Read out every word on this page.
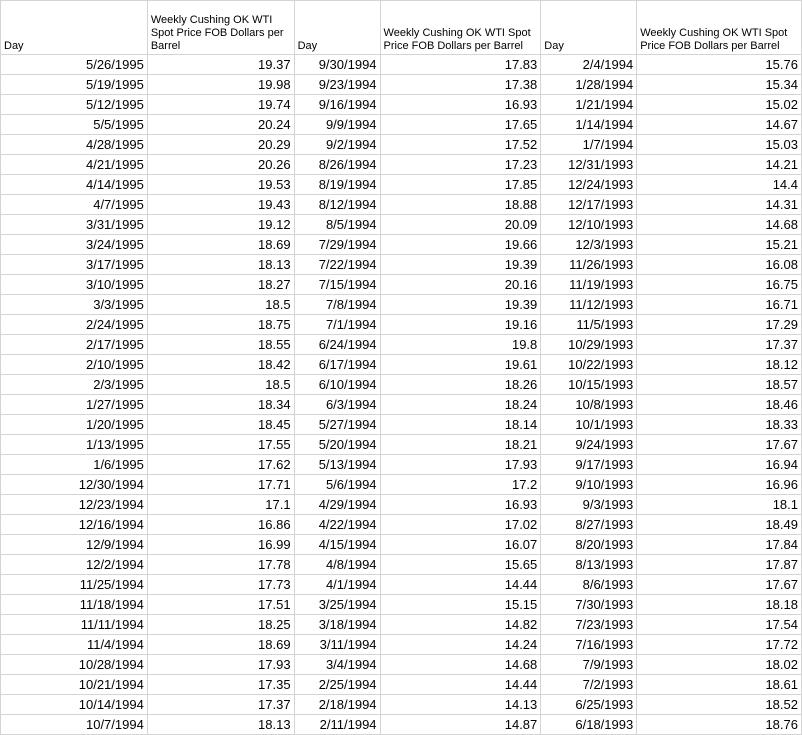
Day	Weekly Cushing OK WTI Spot Price FOB Dollars per Barrel	Day	Weekly Cushing OK WTI Spot Price FOB Dollars per Barrel	Day	Weekly Cushing OK WTI Spot Price FOB Dollars per Barrel
5/26/1995	19.37	9/30/1994	17.83	2/4/1994	15.76
5/19/1995	19.98	9/23/1994	17.38	1/28/1994	15.34
5/12/1995	19.74	9/16/1994	16.93	1/21/1994	15.02
5/5/1995	20.24	9/9/1994	17.65	1/14/1994	14.67
4/28/1995	20.29	9/2/1994	17.52	1/7/1994	15.03
4/21/1995	20.26	8/26/1994	17.23	12/31/1993	14.21
4/14/1995	19.53	8/19/1994	17.85	12/24/1993	14.4
4/7/1995	19.43	8/12/1994	18.88	12/17/1993	14.31
3/31/1995	19.12	8/5/1994	20.09	12/10/1993	14.68
3/24/1995	18.69	7/29/1994	19.66	12/3/1993	15.21
3/17/1995	18.13	7/22/1994	19.39	11/26/1993	16.08
3/10/1995	18.27	7/15/1994	20.16	11/19/1993	16.75
3/3/1995	18.5	7/8/1994	19.39	11/12/1993	16.71
2/24/1995	18.75	7/1/1994	19.16	11/5/1993	17.29
2/17/1995	18.55	6/24/1994	19.8	10/29/1993	17.37
2/10/1995	18.42	6/17/1994	19.61	10/22/1993	18.12
2/3/1995	18.5	6/10/1994	18.26	10/15/1993	18.57
1/27/1995	18.34	6/3/1994	18.24	10/8/1993	18.46
1/20/1995	18.45	5/27/1994	18.14	10/1/1993	18.33
1/13/1995	17.55	5/20/1994	18.21	9/24/1993	17.67
1/6/1995	17.62	5/13/1994	17.93	9/17/1993	16.94
12/30/1994	17.71	5/6/1994	17.2	9/10/1993	16.96
12/23/1994	17.1	4/29/1994	16.93	9/3/1993	18.1
12/16/1994	16.86	4/22/1994	17.02	8/27/1993	18.49
12/9/1994	16.99	4/15/1994	16.07	8/20/1993	17.84
12/2/1994	17.78	4/8/1994	15.65	8/13/1993	17.87
11/25/1994	17.73	4/1/1994	14.44	8/6/1993	17.67
11/18/1994	17.51	3/25/1994	15.15	7/30/1993	18.18
11/11/1994	18.25	3/18/1994	14.82	7/23/1993	17.54
11/4/1994	18.69	3/11/1994	14.24	7/16/1993	17.72
10/28/1994	17.93	3/4/1994	14.68	7/9/1993	18.02
10/21/1994	17.35	2/25/1994	14.44	7/2/1993	18.61
10/14/1994	17.37	2/18/1994	14.13	6/25/1993	18.52
10/7/1994	18.13	2/11/1994	14.87	6/18/1993	18.76
